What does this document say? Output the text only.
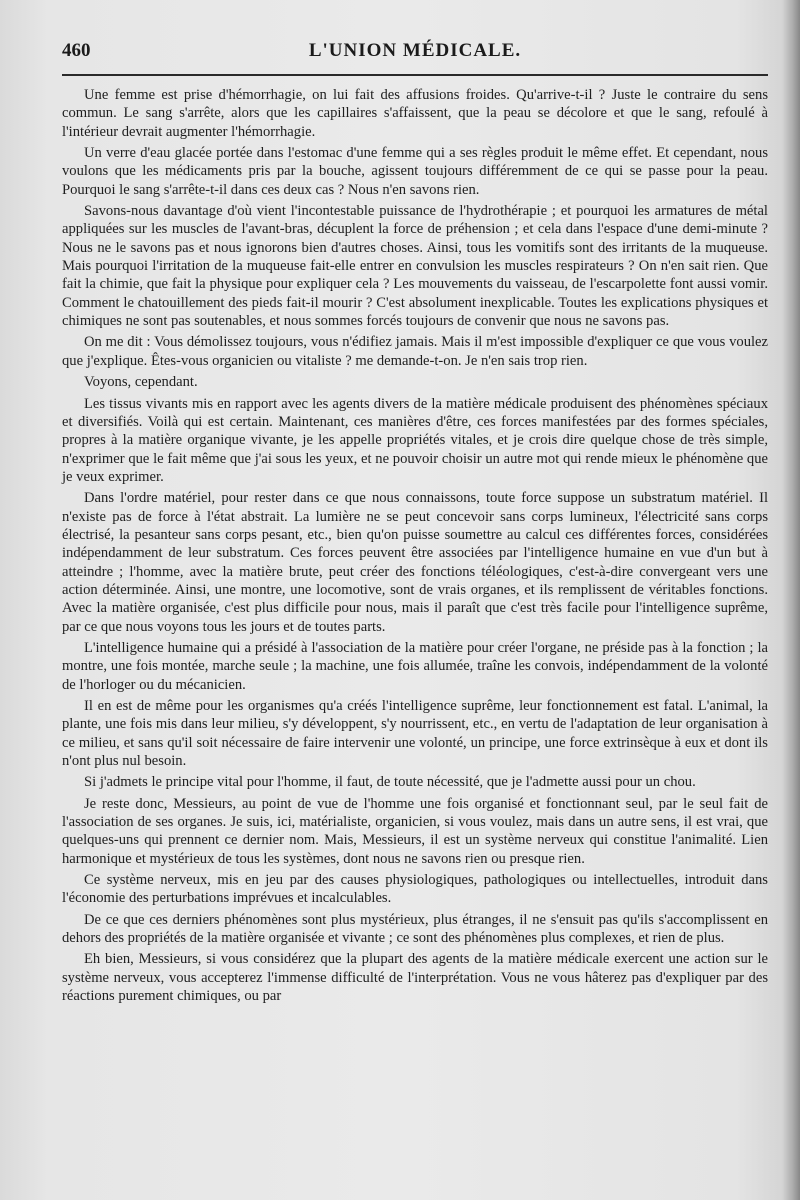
460	L'UNION MÉDICALE.

Une femme est prise d'hémorrhagie, on lui fait des affusions froides. Qu'arrive-t-il ? Juste le contraire du sens commun. Le sang s'arrête, alors que les capillaires s'affaissent, que la peau se décolore et que le sang, refoulé à l'intérieur devrait augmenter l'hémorrhagie.

Un verre d'eau glacée portée dans l'estomac d'une femme qui a ses règles produit le même effet. Et cependant, nous voulons que les médicaments pris par la bouche, agissent toujours différemment de ce qui se passe pour la peau. Pourquoi le sang s'arrête-t-il dans ces deux cas ? Nous n'en savons rien.

Savons-nous davantage d'où vient l'incontestable puissance de l'hydrothérapie ; et pourquoi les armatures de métal appliquées sur les muscles de l'avant-bras, décuplent la force de préhension ; et cela dans l'espace d'une demi-minute ? Nous ne le savons pas et nous ignorons bien d'autres choses. Ainsi, tous les vomitifs sont des irritants de la muqueuse. Mais pourquoi l'irritation de la muqueuse fait-elle entrer en convulsion les muscles respirateurs ? On n'en sait rien. Que fait la chimie, que fait la physique pour expliquer cela ? Les mouvements du vaisseau, de l'escarpolette font aussi vomir. Comment le chatouillement des pieds fait-il mourir ? C'est absolument inexplicable. Toutes les explications physiques et chimiques ne sont pas soutenables, et nous sommes forcés toujours de convenir que nous ne savons pas.

On me dit : Vous démolissez toujours, vous n'édifiez jamais. Mais il m'est impossible d'expliquer ce que vous voulez que j'explique. Êtes-vous organicien ou vitaliste ? me demande-t-on. Je n'en sais trop rien.

Voyons, cependant.

Les tissus vivants mis en rapport avec les agents divers de la matière médicale produisent des phénomènes spéciaux et diversifiés. Voilà qui est certain. Maintenant, ces manières d'être, ces forces manifestées par des formes spéciales, propres à la matière organique vivante, je les appelle propriétés vitales, et je crois dire quelque chose de très simple, n'exprimer que le fait même que j'ai sous les yeux, et ne pouvoir choisir un autre mot qui rende mieux le phénomène que je veux exprimer.

Dans l'ordre matériel, pour rester dans ce que nous connaissons, toute force suppose un substratum matériel. Il n'existe pas de force à l'état abstrait. La lumière ne se peut concevoir sans corps lumineux, l'électricité sans corps électrisé, la pesanteur sans corps pesant, etc., bien qu'on puisse soumettre au calcul ces différentes forces, considérées indépendamment de leur substratum. Ces forces peuvent être associées par l'intelligence humaine en vue d'un but à atteindre ; l'homme, avec la matière brute, peut créer des fonctions téléologiques, c'est-à-dire convergeant vers une action déterminée. Ainsi, une montre, une locomotive, sont de vrais organes, et ils remplissent de véritables fonctions. Avec la matière organisée, c'est plus difficile pour nous, mais il paraît que c'est très facile pour l'intelligence suprême, par ce que nous voyons tous les jours et de toutes parts.

L'intelligence humaine qui a présidé à l'association de la matière pour créer l'organe, ne préside pas à la fonction ; la montre, une fois montée, marche seule ; la machine, une fois allumée, traîne les convois, indépendamment de la volonté de l'horloger ou du mécanicien.

Il en est de même pour les organismes qu'a créés l'intelligence suprême, leur fonctionnement est fatal. L'animal, la plante, une fois mis dans leur milieu, s'y développent, s'y nourrissent, etc., en vertu de l'adaptation de leur organisation à ce milieu, et sans qu'il soit nécessaire de faire intervenir une volonté, un principe, une force extrinsèque à eux et dont ils n'ont plus nul besoin.

Si j'admets le principe vital pour l'homme, il faut, de toute nécessité, que je l'admette aussi pour un chou.

Je reste donc, Messieurs, au point de vue de l'homme une fois organisé et fonctionnant seul, par le seul fait de l'association de ses organes. Je suis, ici, matérialiste, organicien, si vous voulez, mais dans un autre sens, il est vrai, que quelques-uns qui prennent ce dernier nom. Mais, Messieurs, il est un système nerveux qui constitue l'animalité. Lien harmonique et mystérieux de tous les systèmes, dont nous ne savons rien ou presque rien.

Ce système nerveux, mis en jeu par des causes physiologiques, pathologiques ou intellectuelles, introduit dans l'économie des perturbations imprévues et incalculables.

De ce que ces derniers phénomènes sont plus mystérieux, plus étranges, il ne s'ensuit pas qu'ils s'accomplissent en dehors des propriétés de la matière organisée et vivante ; ce sont des phénomènes plus complexes, et rien de plus.

Eh bien, Messieurs, si vous considérez que la plupart des agents de la matière médicale exercent une action sur le système nerveux, vous accepterez l'immense difficulté de l'interprétation. Vous ne vous hâterez pas d'expliquer par des réactions purement chimiques, ou par
